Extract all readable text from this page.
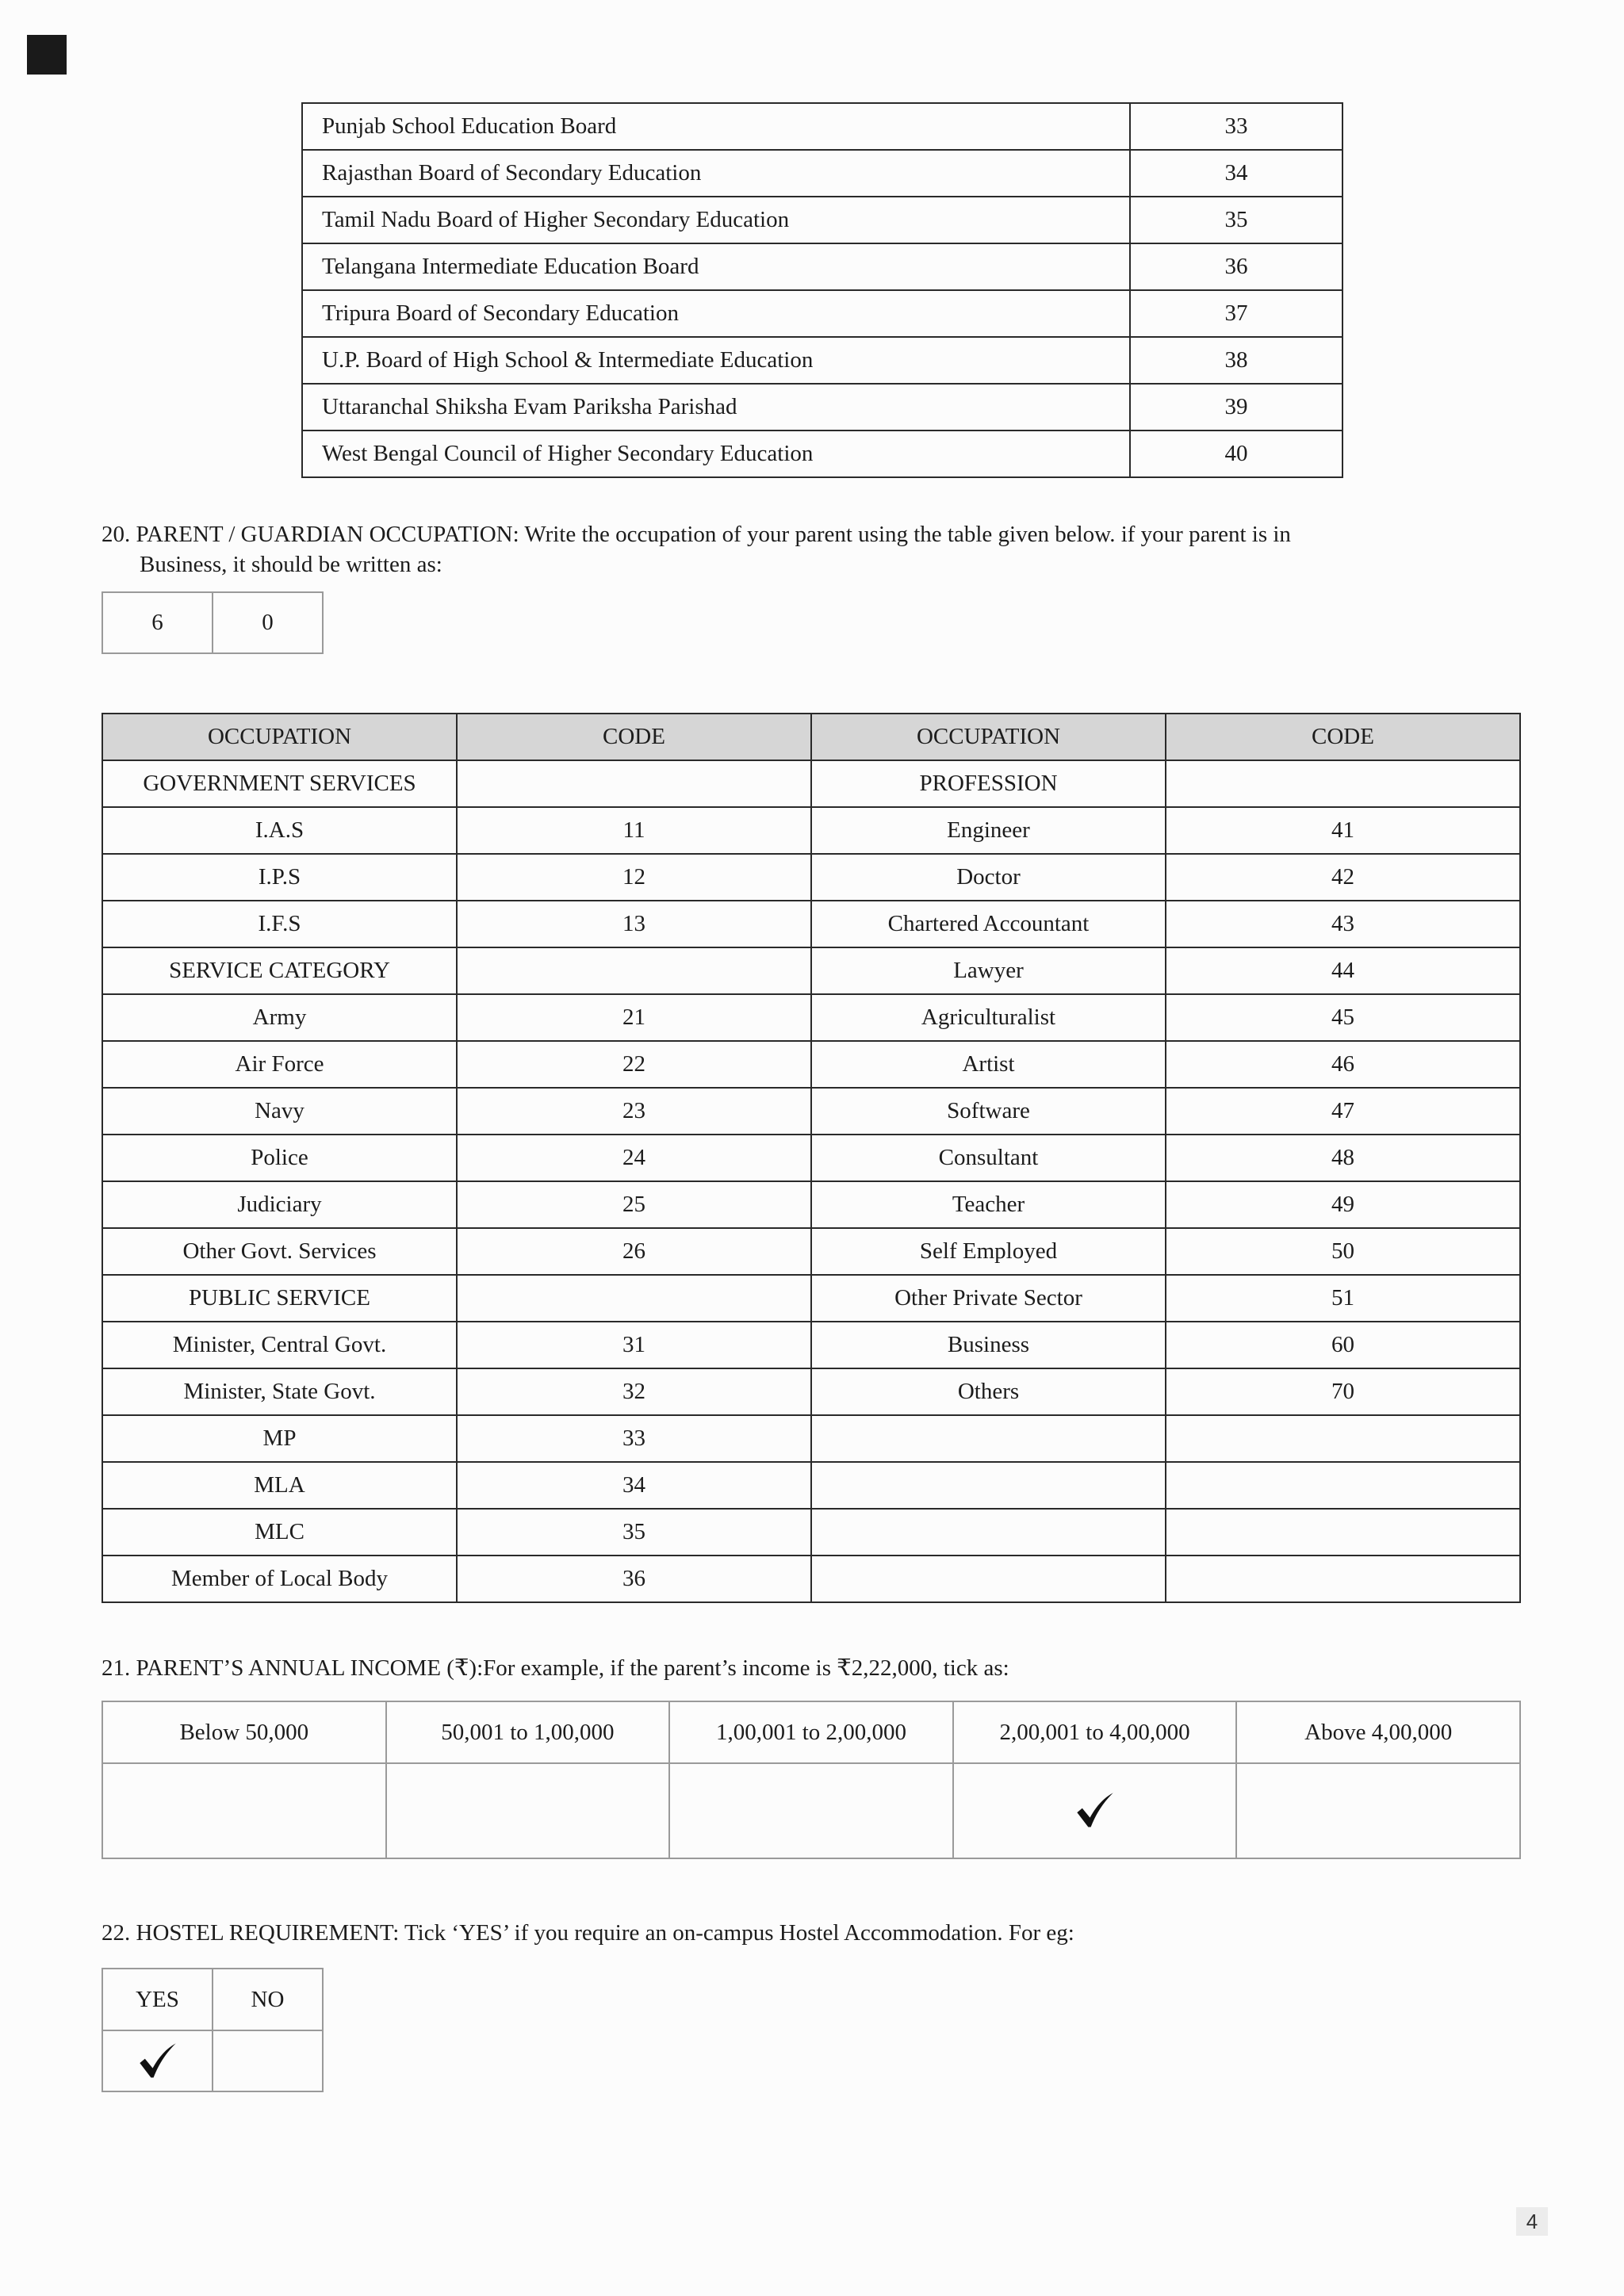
Punjab School Education Board	33
Rajasthan Board of Secondary Education	34
Tamil Nadu Board of Higher Secondary Education	35
Telangana Intermediate Education Board	36
Tripura Board of Secondary Education	37
U.P. Board of High School & Intermediate Education	38
Uttaranchal Shiksha Evam Pariksha Parishad	39
West Bengal Council of Higher Secondary Education	40
20. PARENT / GUARDIAN OCCUPATION: Write the occupation of your parent using the table given below. if your parent is in
Business, it should be written as:
6	0
OCCUPATION	CODE	OCCUPATION	CODE
GOVERNMENT SERVICES		PROFESSION	
I.A.S	11	Engineer	41
I.P.S	12	Doctor	42
I.F.S	13	Chartered Accountant	43
SERVICE CATEGORY		Lawyer	44
Army	21	Agriculturalist	45
Air Force	22	Artist	46
Navy	23	Software	47
Police	24	Consultant	48
Judiciary	25	Teacher	49
Other Govt. Services	26	Self Employed	50
PUBLIC SERVICE		Other Private Sector	51
Minister, Central Govt.	31	Business	60
Minister, State Govt.	32	Others	70
MP	33		
MLA	34		
MLC	35		
Member of Local Body	36		
21. PARENT’S ANNUAL INCOME (₹):For example, if the parent’s income is ₹2,22,000, tick as:
Below 50,000	50,001 to 1,00,000	1,00,001 to 2,00,000	2,00,001 to 4,00,000	Above 4,00,000

22. HOSTEL REQUIREMENT: Tick ‘YES’ if you require an on-campus Hostel Accommodation. For eg:
YES	NO

4
